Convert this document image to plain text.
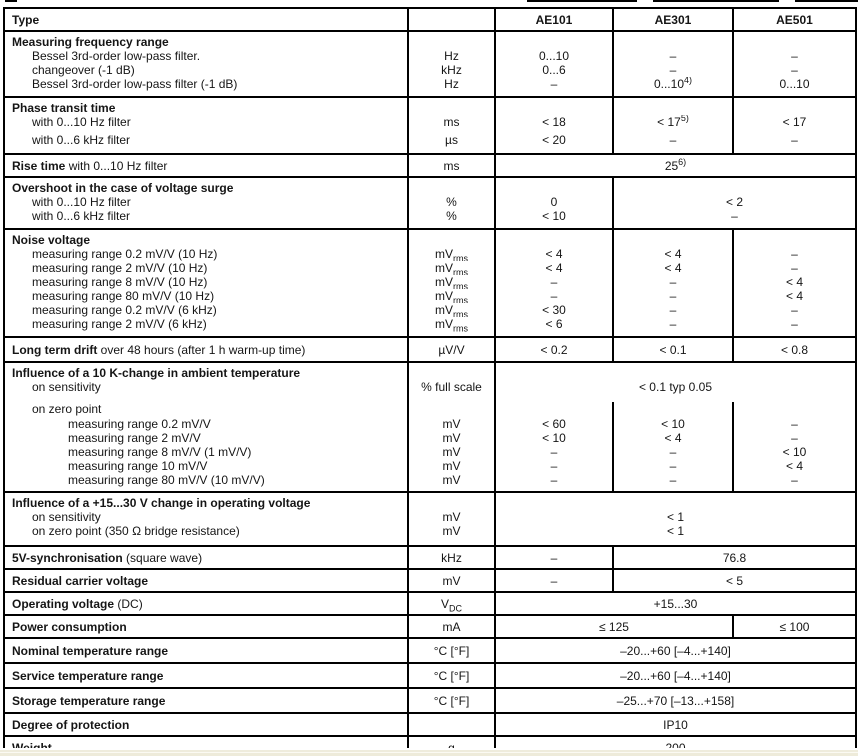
Type		AE101	AE301	AE501
Measuring frequency range				
Bessel 3rd-order low-pass filter.	Hz	0...10	–	–
changeover (-1 dB)	kHz	0...6	–	–
Bessel 3rd-order low-pass filter (-1 dB)	Hz	–	0...10$^{4)}$	0...10
Phase transit time				
with 0...10 Hz filter	ms	< 18	< $17^{5)}$	< 17
with 0...6 kHz filter	µs	< 20	–	–
Rise time with 0...10 Hz filter	ms	25$^{6)}$
Overshoot in the case of voltage surge				
with 0...10 Hz filter	%	0	< 2	
with 0...6 kHz filter	%	< 10	–	
Noise voltage				
measuring range 0.2 mV/V (10 Hz)	$mV_{rms}$	< 4	< 4	–
measuring range 2 mV/V (10 Hz)	$mV_{rms}$	< 4	< 4	–
measuring range 8 mV/V (10 Hz)	$mV_{rms}$	–	–	< 4
measuring range 80 mV/V (10 Hz)	$mV_{rms}$	–	–	< 4
measuring range 0.2 mV/V (6 kHz)	$mV_{rms}$	< 30	–	–
measuring range 2 mV/V (6 kHz)	$mV_{rms}$	< 6	–	–
Long term drift over 48 hours (after 1 h warm-up time)	µV/V	< 0.2	< 0.1	< 0.8
Influence of a 10 K-change in ambient temperature				
on sensitivity	% full scale	< 0.1 typ 0.05		
on zero point				
measuring range 0.2 mV/V	mV	< 60	< 10	–
measuring range 2 mV/V	mV	< 10	< 4	–
measuring range 8 mV/V (1 mV/V)	mV	–	–	< 10
measuring range 10 mV/V	mV	–	–	< 4
measuring range 80 mV/V (10 mV/V)	mV	–	–	–
Influence of a +15...30 V change in operating voltage				
on sensitivity	mV	< 1		
on zero point (350 Ω bridge resistance)	mV	< 1		
5V-synchronisation (square wave)	kHz	–	76.8	
Residual carrier voltage	mV	–	< 5	
Operating voltage (DC)	$V_{DC}$	+15...30		
Power consumption	mA	≤ 125		≤ 100
Nominal temperature range	°C [°F]	–20...+60 [–4...+140]		
Service temperature range	°C [°F]	–20...+60 [–4...+140]		
Storage temperature range	°C [°F]	–25...+70 [–13...+158]		
Degree of protection		IP10		
